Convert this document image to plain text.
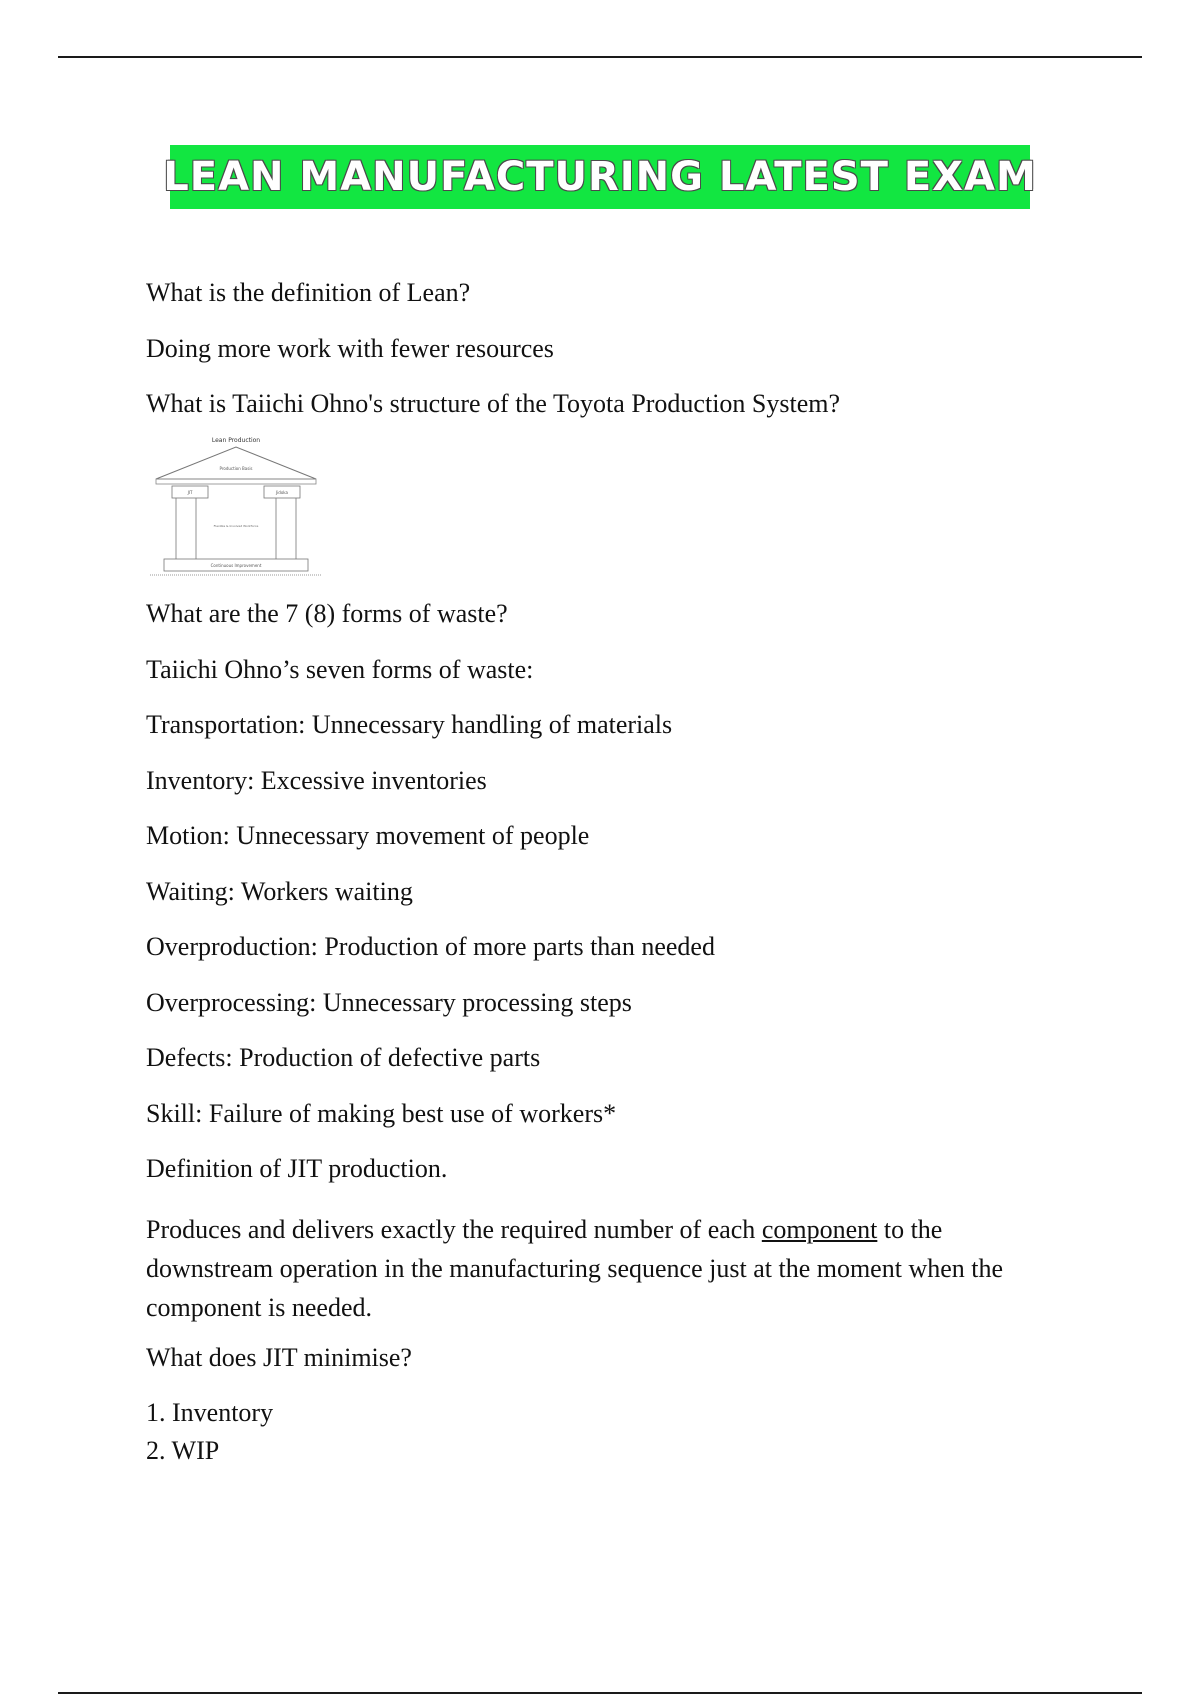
LEAN MANUFACTURING LATEST EXAM

What is the definition of Lean?

Doing more work with fewer resources

What is Taiichi Ohno's structure of the Toyota Production System?

Lean Production
Production Basis
JIT	Jidoka
Flexible & Involved Workforce
Continuous Improvement

What are the 7 (8) forms of waste?

Taiichi Ohno’s seven forms of waste:

Transportation: Unnecessary handling of materials

Inventory: Excessive inventories

Motion: Unnecessary movement of people

Waiting: Workers waiting

Overproduction: Production of more parts than needed

Overprocessing: Unnecessary processing steps

Defects: Production of defective parts

Skill: Failure of making best use of workers*

Definition of JIT production.

Produces and delivers exactly the required number of each component to the downstream operation in the manufacturing sequence just at the moment when the component is needed.

What does JIT minimise?

1. Inventory

2. WIP
